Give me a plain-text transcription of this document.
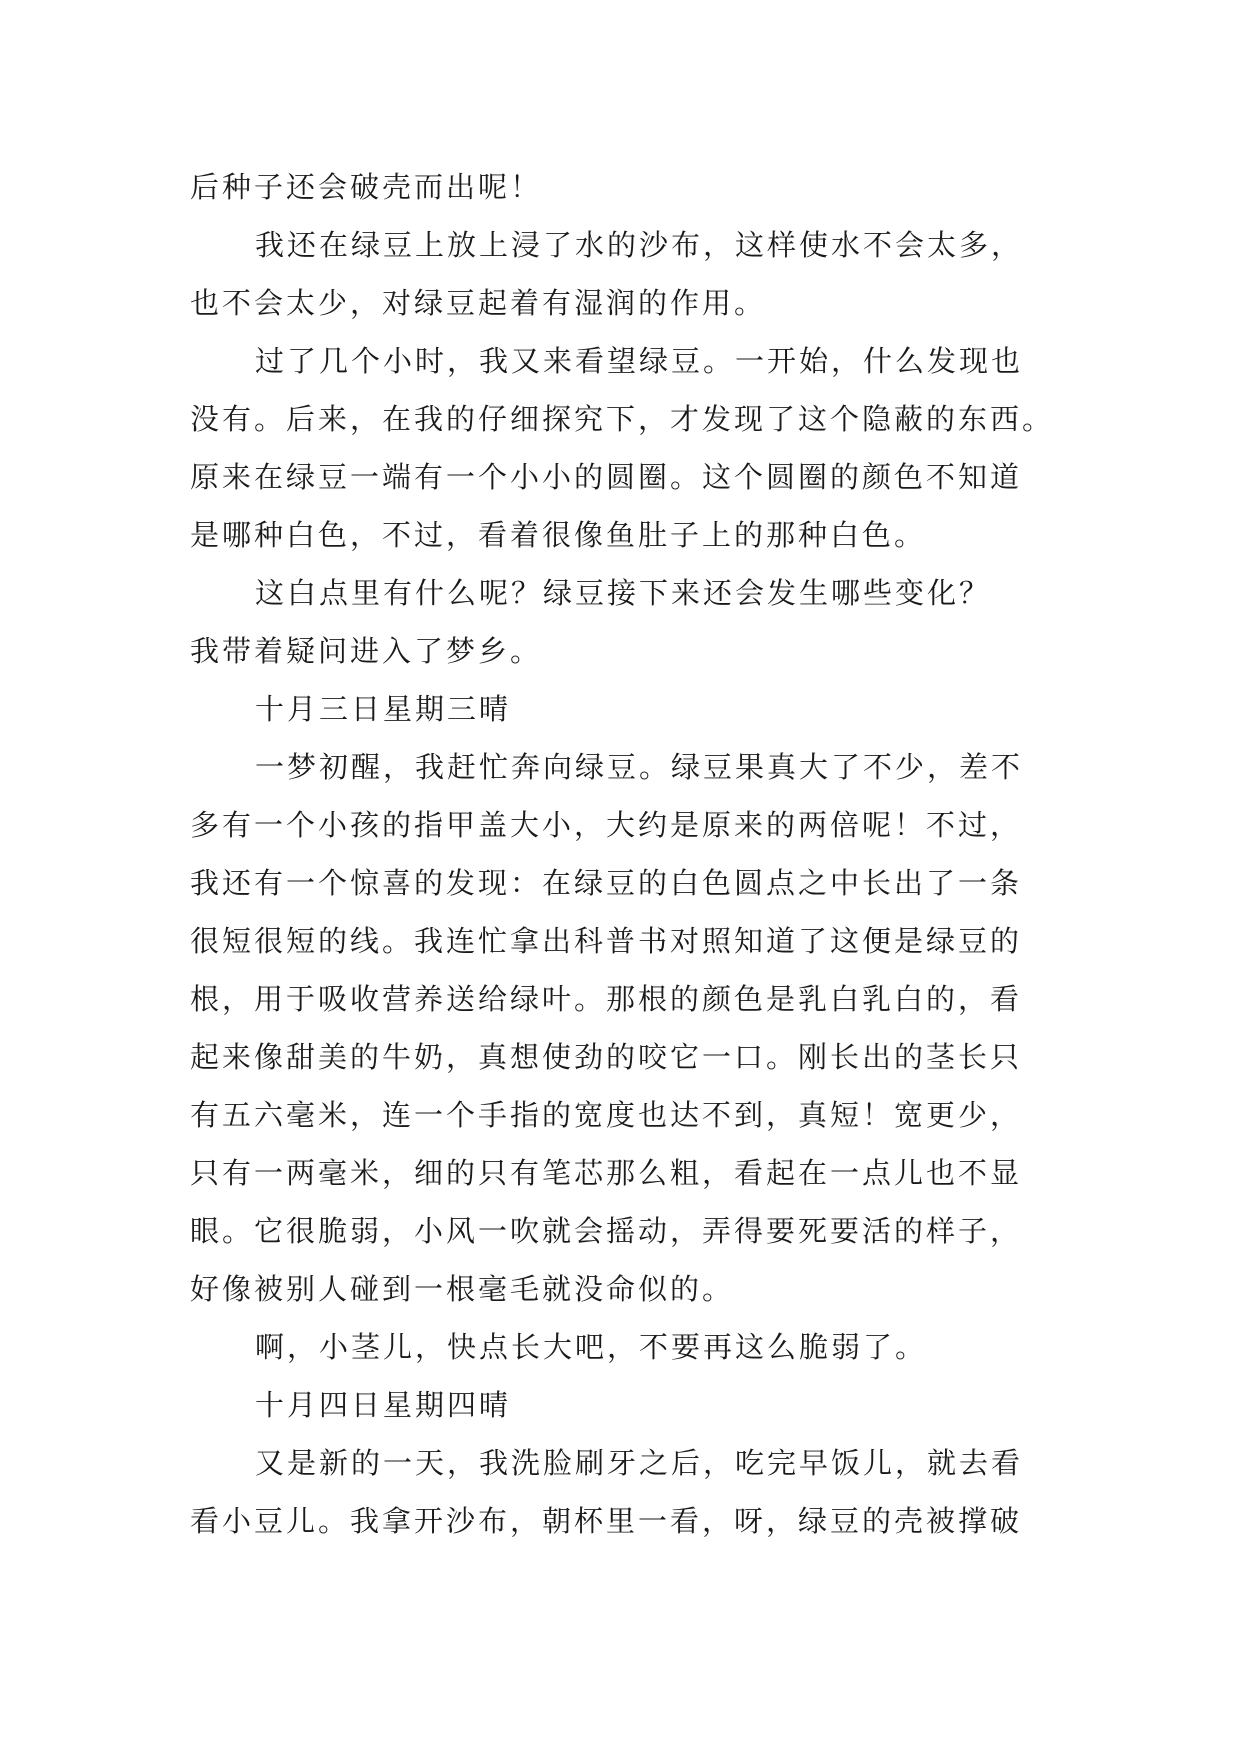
后种子还会破壳而出呢！
我还在绿豆上放上浸了水的沙布，这样使水不会太多，
也不会太少，对绿豆起着有湿润的作用。
过了几个小时，我又来看望绿豆。一开始，什么发现也
没有。后来，在我的仔细探究下，才发现了这个隐蔽的东西。
原来在绿豆一端有一个小小的圆圈。这个圆圈的颜色不知道
是哪种白色，不过，看着很像鱼肚子上的那种白色。
这白点里有什么呢？绿豆接下来还会发生哪些变化？
我带着疑问进入了梦乡。
十月三日星期三晴
一梦初醒，我赶忙奔向绿豆。绿豆果真大了不少，差不
多有一个小孩的指甲盖大小，大约是原来的两倍呢！不过，
我还有一个惊喜的发现：在绿豆的白色圆点之中长出了一条
很短很短的线。我连忙拿出科普书对照知道了这便是绿豆的
根，用于吸收营养送给绿叶。那根的颜色是乳白乳白的，看
起来像甜美的牛奶，真想使劲的咬它一口。刚长出的茎长只
有五六毫米，连一个手指的宽度也达不到，真短！宽更少，
只有一两毫米，细的只有笔芯那么粗，看起在一点儿也不显
眼。它很脆弱，小风一吹就会摇动，弄得要死要活的样子，
好像被别人碰到一根毫毛就没命似的。
啊，小茎儿，快点长大吧，不要再这么脆弱了。
十月四日星期四晴
又是新的一天，我洗脸刷牙之后，吃完早饭儿，就去看
看小豆儿。我拿开沙布，朝杯里一看，呀，绿豆的壳被撑破
